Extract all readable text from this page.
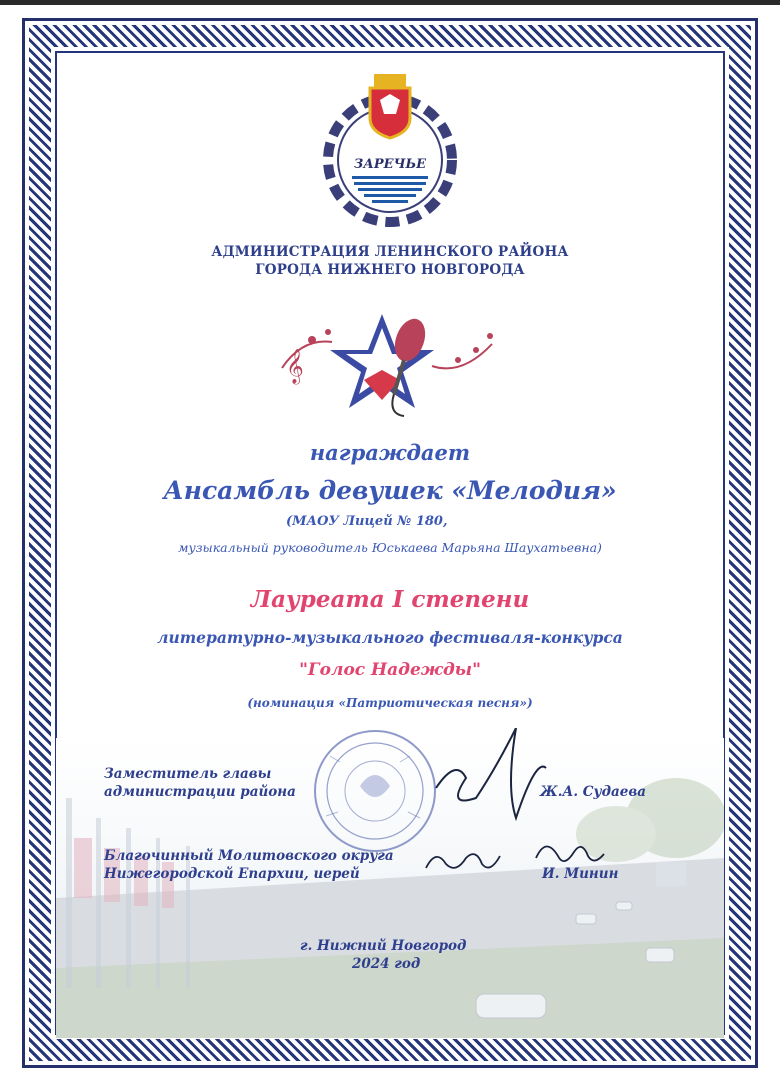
ЗАРЕЧЬЕ
АДМИНИСТРАЦИЯ ЛЕНИНСКОГО РАЙОНА
ГОРОДА НИЖНЕГО НОВГОРОДА
𝄞
награждает
Ансамбль девушек «Мелодия»
(МАОУ Лицей № 180,
музыкальный руководитель Юськаева Марьяна Шаухатьевна)
Лауреата I степени
литературно-музыкального фестиваля-конкурса
"Голос Надежды"
(номинация «Патриотическая песня»)
Заместитель главы
администрации района	Ж.А. Судаева
Благочинный Молитовского округа
Нижегородской Епархии, иерей	И. Минин
г. Нижний Новгород
2024 год
